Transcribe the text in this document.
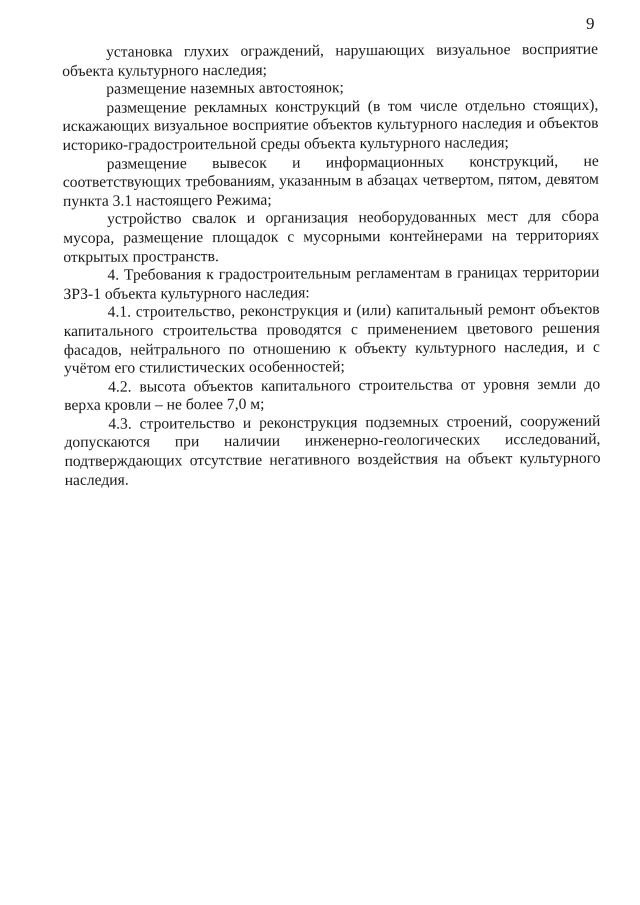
9

установка глухих ограждений, нарушающих визуальное восприятие объекта культурного наследия;

размещение наземных автостоянок;

размещение рекламных конструкций (в том числе отдельно стоящих), искажающих визуальное восприятие объектов культурного наследия и объектов историко-градостроительной среды объекта культурного наследия;

размещение вывесок и информационных конструкций, не соответствующих требованиям, указанным в абзацах четвертом, пятом, девятом пункта 3.1 настоящего Режима;

устройство свалок и организация необорудованных мест для сбора мусора, размещение площадок с мусорными контейнерами на территориях открытых пространств.

4. Требования к градостроительным регламентам в границах территории ЗРЗ-1 объекта культурного наследия:

4.1. строительство, реконструкция и (или) капитальный ремонт объектов капитального строительства проводятся с применением цветового решения фасадов, нейтрального по отношению к объекту культурного наследия, и с учётом его стилистических особенностей;

4.2. высота объектов капитального строительства от уровня земли до верха кровли – не более 7,0 м;

4.3. строительство и реконструкция подземных строений, сооружений допускаются при наличии инженерно-геологических исследований, подтверждающих отсутствие негативного воздействия на объект культурного наследия.
